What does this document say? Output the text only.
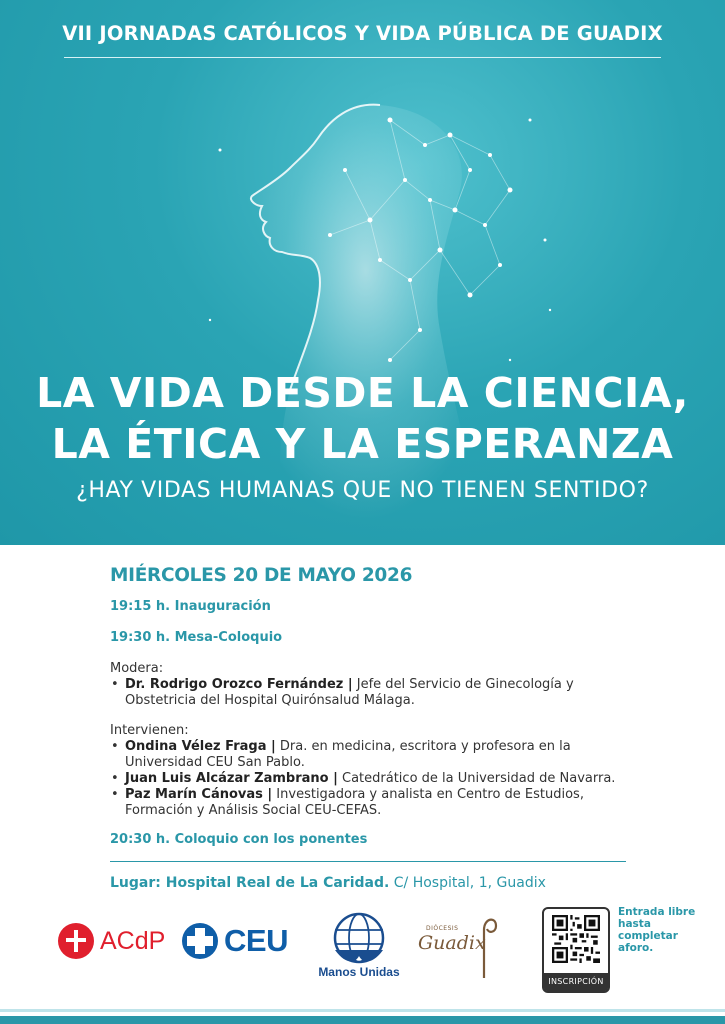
VII JORNADAS CATÓLICOS Y VIDA PÚBLICA DE GUADIX
LA VIDA DESDE LA CIENCIA,
LA ÉTICA Y LA ESPERANZA
¿HAY VIDAS HUMANAS QUE NO TIENEN SENTIDO?
MIÉRCOLES 20 DE MAYO 2026
19:15 h. Inauguración
19:30 h. Mesa-Coloquio
Modera:
• Dr. Rodrigo Orozco Fernández | Jefe del Servicio de Ginecología y Obstetricia del Hospital Quirónsalud Málaga.
Intervienen:
• Ondina Vélez Fraga | Dra. en medicina, escritora y profesora en la Universidad CEU San Pablo.
• Juan Luis Alcázar Zambrano | Catedrático de la Universidad de Navarra.
• Paz Marín Cánovas | Investigadora y analista en Centro de Estudios, Formación y Análisis Social CEU-CEFAS.
20:30 h. Coloquio con los ponentes
Lugar: Hospital Real de La Caridad. C/ Hospital, 1, Guadix
ACdP CEU
Manos Unidas
DIÓCESIS
Guadix
INSCRIPCIÓN
Entrada libre hasta completar aforo.
